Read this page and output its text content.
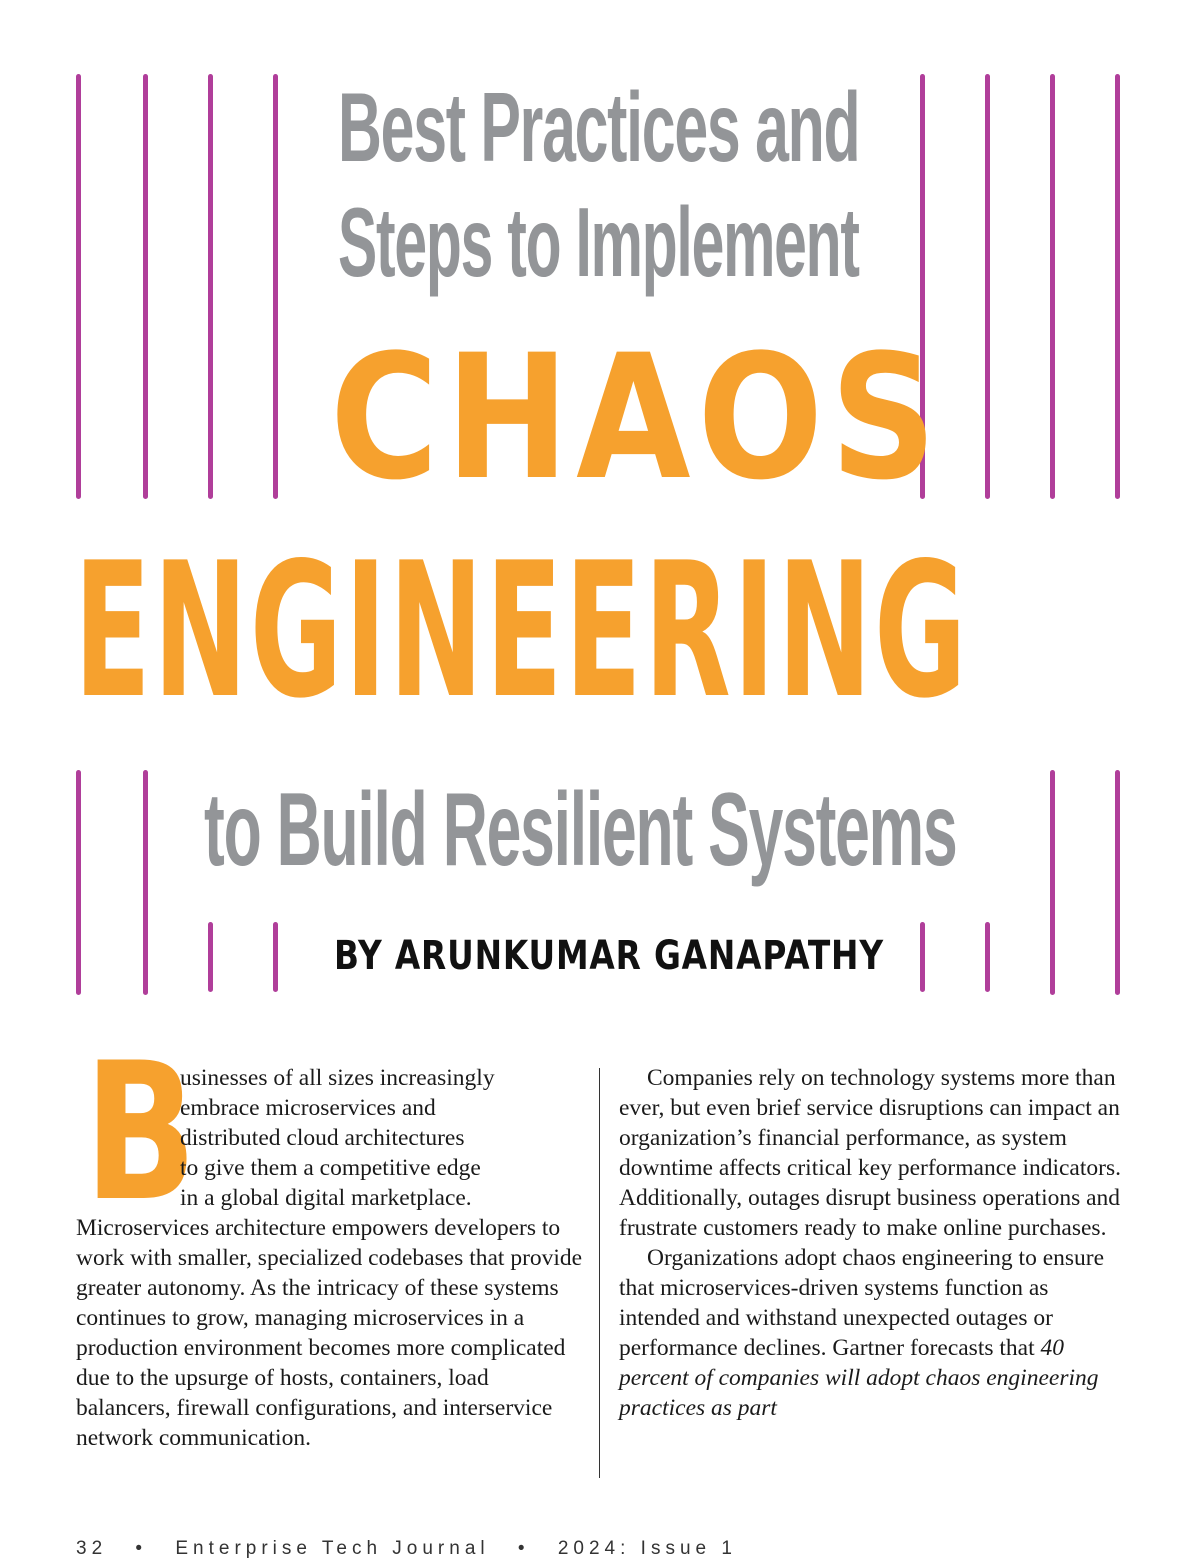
Best Practices and
Steps to Implement
CHAOS
ENGINEERING
to Build Resilient Systems

BY ARUNKUMAR GANAPATHY

B
usinesses of all sizes increasingly
embrace microservices and
distributed cloud architectures
to give them a competitive edge
in a global digital marketplace.

Microservices architecture empowers developers to work with smaller, specialized codebases that provide greater autonomy. As the intricacy of these systems continues to grow, managing microservices in a production environment becomes more complicated due to the upsurge of hosts, containers, load balancers, firewall configurations, and interservice network communication.

Companies rely on technology systems more than ever, but even brief service disruptions can impact an organization’s financial performance, as system downtime affects critical key performance indicators. Additionally, outages disrupt business operations and frustrate customers ready to make online purchases.

Organizations adopt chaos engineering to ensure that microservices-driven systems function as intended and withstand unexpected outages or performance declines. Gartner forecasts that 40 percent of companies will adopt chaos engineering practices as part

32 • Enterprise Tech Journal • 2024: Issue 1
